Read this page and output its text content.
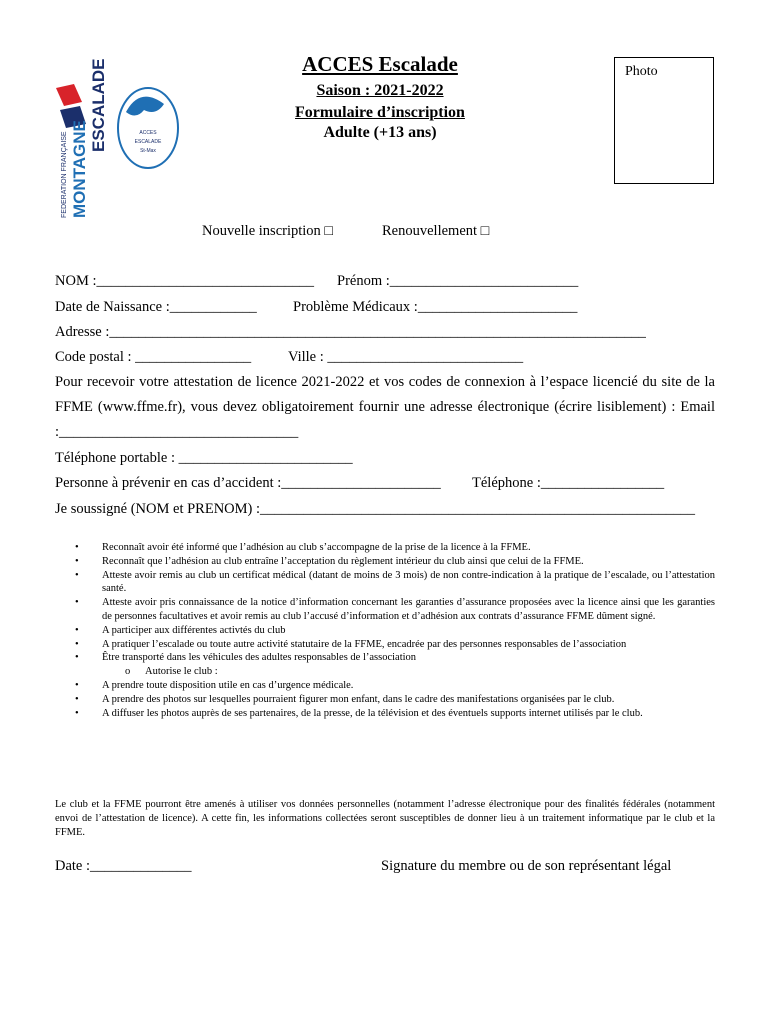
FEDERATION FRANÇAISE MONTAGNE
ESCALADE	ACCES
ESCALADE
St-Max
ACCES Escalade
Saison : 2021-2022
Formulaire d’inscription
Adulte (+13 ans)
Photo
Nouvelle inscription □	Renouvellement □
NOM :______________________________ Prénom :__________________________
Date de Naissance :____________	Problème Médicaux :______________________
Adresse :__________________________________________________________________________
Code postal : ________________	Ville : ___________________________
Pour recevoir votre attestation de licence 2021-2022 et vos codes de connexion à l’espace licencié du site de la FFME (www.ffme.fr), vous devez obligatoirement fournir une adresse électronique (écrire lisiblement) : Email :_________________________________
Téléphone portable : ________________________
Personne à prévenir en cas d’accident :______________________ Téléphone :_________________
Je soussigné (NOM et PRENOM) :____________________________________________________________
• Reconnaît avoir été informé que l’adhésion au club s’accompagne de la prise de la licence à la FFME.
• Reconnaît que l’adhésion au club entraîne l’acceptation du règlement intérieur du club ainsi que celui de la FFME.
• Atteste avoir remis au club un certificat médical (datant de moins de 3 mois) de non contre-indication à la pratique de l’escalade, ou l’attestation santé.
• Atteste avoir pris connaissance de la notice d’information concernant les garanties d’assurance proposées avec la licence ainsi que les garanties de personnes facultatives et avoir remis au club l’accusé d’information et d’adhésion aux contrats d’assurance FFME dûment signé.
• A participer aux différentes activtés du club
• A pratiquer l’escalade ou toute autre activité statutaire de la FFME, encadrée par des personnes responsables de l’association
• Être transporté dans les véhicules des adultes responsables de l’association
o Autorise le club :
• A prendre toute disposition utile en cas d’urgence médicale.
• A prendre des photos sur lesquelles pourraient figurer mon enfant, dans le cadre des manifestations organisées par le club.
• A diffuser les photos auprès de ses partenaires, de la presse, de la télévision et des éventuels supports internet utilisés par le club.
Le club et la FFME pourront être amenés à utiliser vos données personnelles (notamment l’adresse électronique pour des finalités fédérales (notamment envoi de l’attestation de licence). A cette fin, les informations collectées seront susceptibles de donner lieu à un traitement informatique par le club et la FFME.
Date :______________	Signature du membre ou de son représentant légal
